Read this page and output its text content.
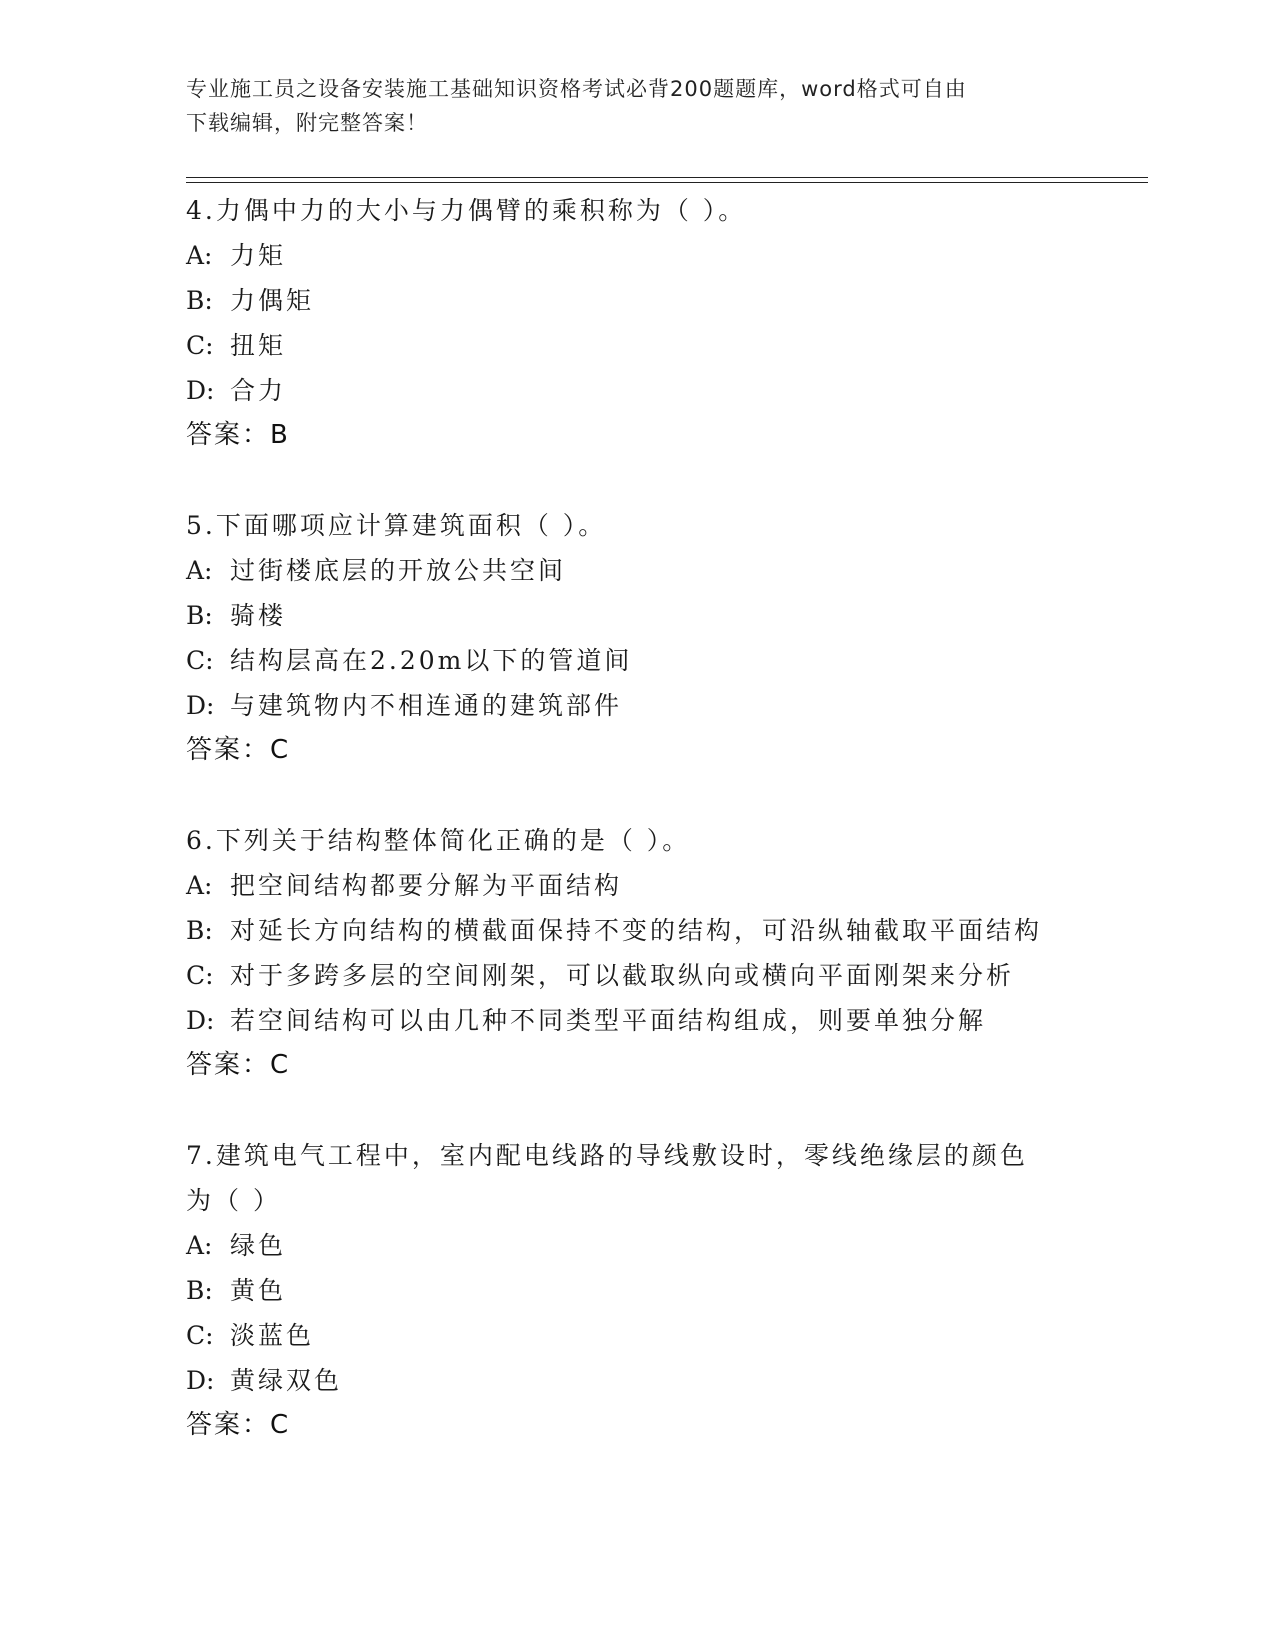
专业施工员之设备安装施工基础知识资格考试必背200题题库，word格式可自由
下载编辑，附完整答案！
4.力偶中力的大小与力偶臂的乘积称为（ ）。
A: 力矩
B: 力偶矩
C: 扭矩
D: 合力
答案：B
5.下面哪项应计算建筑面积（ ）。
A: 过街楼底层的开放公共空间
B: 骑楼
C: 结构层高在2.20m以下的管道间
D: 与建筑物内不相连通的建筑部件
答案：C
6.下列关于结构整体简化正确的是（ ）。
A: 把空间结构都要分解为平面结构
B: 对延长方向结构的横截面保持不变的结构，可沿纵轴截取平面结构
C: 对于多跨多层的空间刚架，可以截取纵向或横向平面刚架来分析
D: 若空间结构可以由几种不同类型平面结构组成，则要单独分解
答案：C
7.建筑电气工程中，室内配电线路的导线敷设时，零线绝缘层的颜色
为（ ）
A: 绿色
B: 黄色
C: 淡蓝色
D: 黄绿双色
答案：C
